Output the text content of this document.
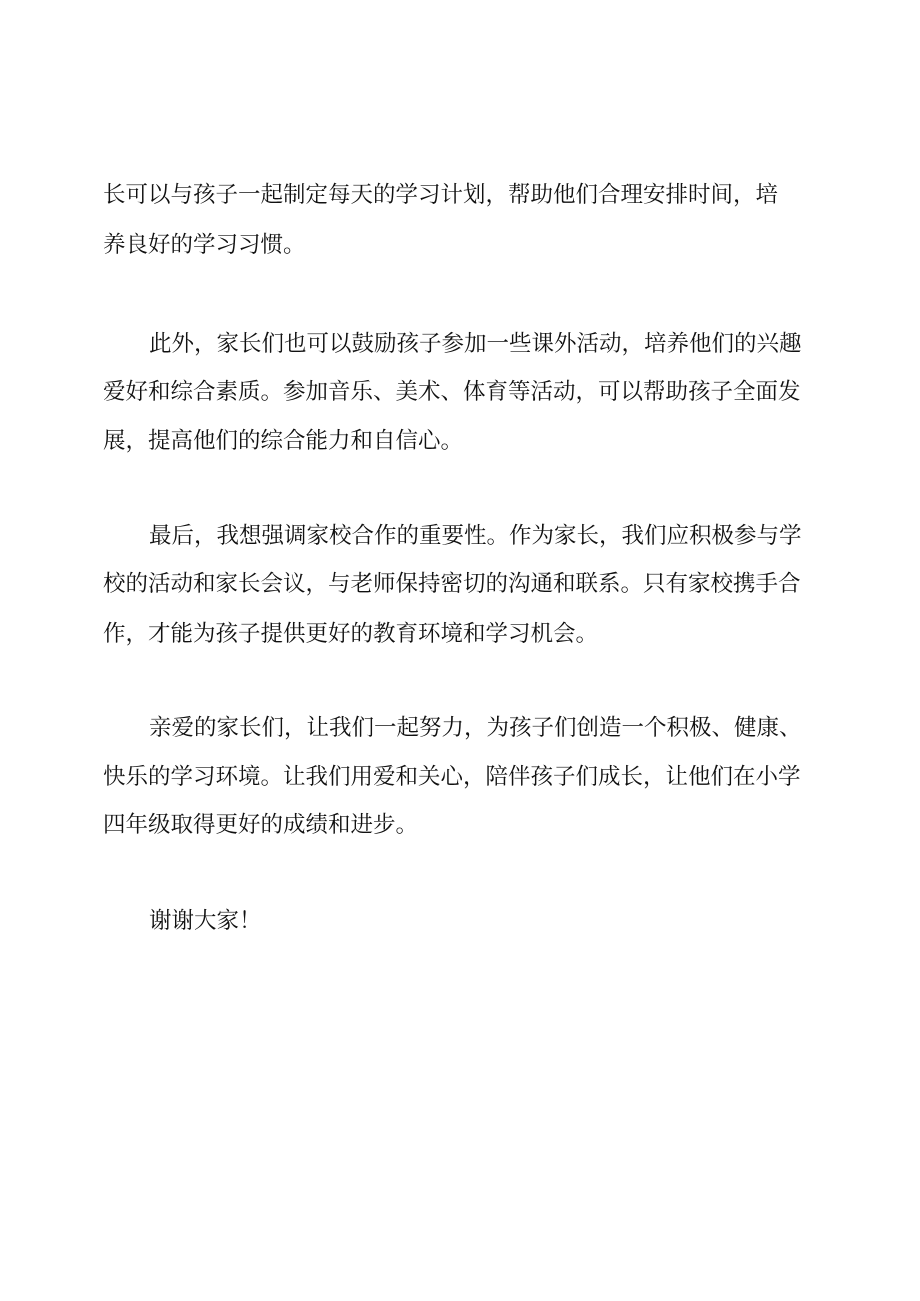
长可以与孩子一起制定每天的学习计划，帮助他们合理安排时间，培

养良好的学习习惯。

此外，家长们也可以鼓励孩子参加一些课外活动，培养他们的兴趣

爱好和综合素质。参加音乐、美术、体育等活动，可以帮助孩子全面发

展，提高他们的综合能力和自信心。

最后，我想强调家校合作的重要性。作为家长，我们应积极参与学

校的活动和家长会议，与老师保持密切的沟通和联系。只有家校携手合

作，才能为孩子提供更好的教育环境和学习机会。

亲爱的家长们，让我们一起努力，为孩子们创造一个积极、健康、

快乐的学习环境。让我们用爱和关心，陪伴孩子们成长，让他们在小学

四年级取得更好的成绩和进步。

谢谢大家！
